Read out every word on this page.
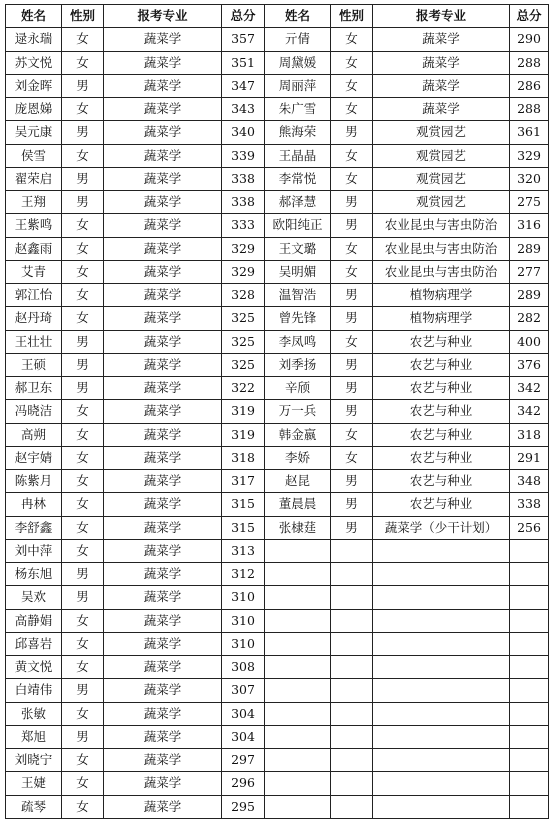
姓名	性别	报考专业	总分	姓名	性别	报考专业	总分
逯永瑞	女	蔬菜学	357	亓倩	女	蔬菜学	290
苏文悦	女	蔬菜学	351	周黛媛	女	蔬菜学	288
刘金晖	男	蔬菜学	347	周丽萍	女	蔬菜学	286
庞恩娣	女	蔬菜学	343	朱广雪	女	蔬菜学	288
吴元康	男	蔬菜学	340	熊海荣	男	观赏园艺	361
侯雪	女	蔬菜学	339	王晶晶	女	观赏园艺	329
翟荣启	男	蔬菜学	338	李常悦	女	观赏园艺	320
王翔	男	蔬菜学	338	郝泽慧	男	观赏园艺	275
王紫鸣	女	蔬菜学	333	欧阳纯正	男	农业昆虫与害虫防治	316
赵鑫雨	女	蔬菜学	329	王文璐	女	农业昆虫与害虫防治	289
艾青	女	蔬菜学	329	吴明媚	女	农业昆虫与害虫防治	277
郭江怡	女	蔬菜学	328	温智浩	男	植物病理学	289
赵丹琦	女	蔬菜学	325	曾先锋	男	植物病理学	282
王壮壮	男	蔬菜学	325	李凤鸣	女	农艺与种业	400
王硕	男	蔬菜学	325	刘季扬	男	农艺与种业	376
郝卫东	男	蔬菜学	322	辛颀	男	农艺与种业	342
冯晓洁	女	蔬菜学	319	万一兵	男	农艺与种业	342
高朔	女	蔬菜学	319	韩金嬴	女	农艺与种业	318
赵宇婧	女	蔬菜学	318	李娇	女	农艺与种业	291
陈紫月	女	蔬菜学	317	赵昆	男	农艺与种业	348
冉林	女	蔬菜学	315	董晨晨	男	农艺与种业	338
李舒鑫	女	蔬菜学	315	张棣莛	男	蔬菜学（少干计划）	256
刘中萍	女	蔬菜学	313				
杨东旭	男	蔬菜学	312				
吴欢	男	蔬菜学	310				
高静娟	女	蔬菜学	310				
邱喜岩	女	蔬菜学	310				
黄文悦	女	蔬菜学	308				
白靖伟	男	蔬菜学	307				
张敏	女	蔬菜学	304				
郑旭	男	蔬菜学	304				
刘晓宁	女	蔬菜学	297				
王婕	女	蔬菜学	296				
疏琴	女	蔬菜学	295				
